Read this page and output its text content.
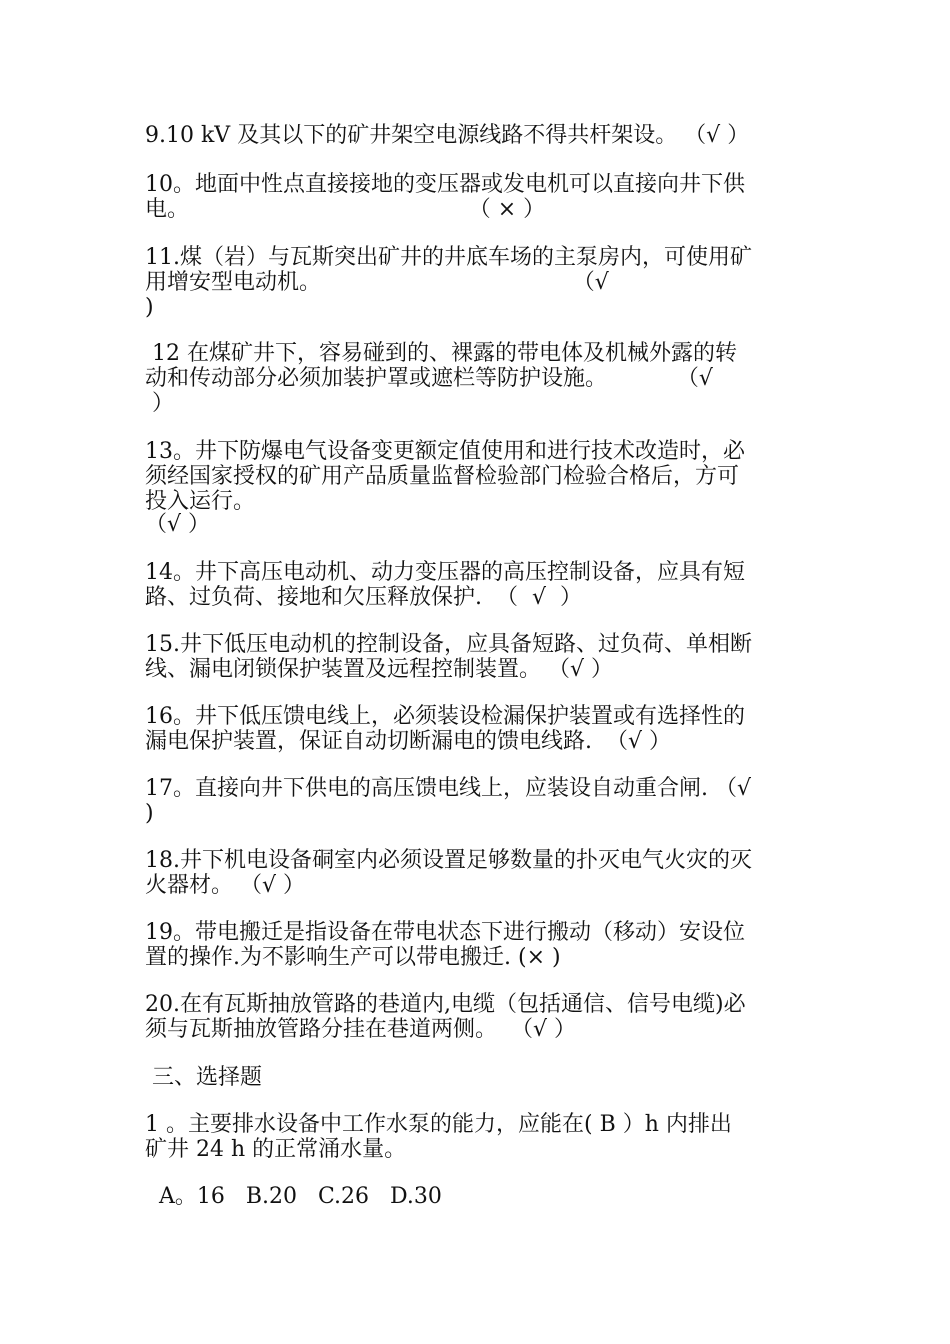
9.10 kV 及其以下的矿井架空电源线路不得共杆架设。 （√ ）
10。地面中性点直接接地的变压器或发电机可以直接向井下供
电。                                        （ × ）
11.煤（岩）与瓦斯突出矿井的井底车场的主泵房内，可使用矿
用增安型电动机。                                    （√
)
12 在煤矿井下，容易碰到的、裸露的带电体及机械外露的转
动和传动部分必须加装护罩或遮栏等防护设施。          （√
）
13。井下防爆电气设备变更额定值使用和进行技术改造时，必
须经国家授权的矿用产品质量监督检验部门检验合格后，方可
投入运行。
（√ ）
14。井下高压电动机、动力变压器的高压控制设备，应具有短
路、过负荷、接地和欠压释放保护.  （  √  ）
15.井下低压电动机的控制设备，应具备短路、过负荷、单相断
线、漏电闭锁保护装置及远程控制装置。 （√ ）
16。井下低压馈电线上，必须装设检漏保护装置或有选择性的
漏电保护装置，保证自动切断漏电的馈电线路.  （√ ）
17。直接向井下供电的高压馈电线上，应装设自动重合闸. （√
)
18.井下机电设备硐室内必须设置足够数量的扑灭电气火灾的灭
火器材。 （√ ）
19。带电搬迁是指设备在带电状态下进行搬动（移动）安设位
置的操作.为不影响生产可以带电搬迁. (× )
20.在有瓦斯抽放管路的巷道内,电缆（包括通信、信号电缆)必
须与瓦斯抽放管路分挂在巷道两侧。  （√ ）
三、选择题
1 。主要排水设备中工作水泵的能力，应能在( B ）h 内排出
矿井 24 h 的正常涌水量。
A。16   B.20   C.26   D.30
